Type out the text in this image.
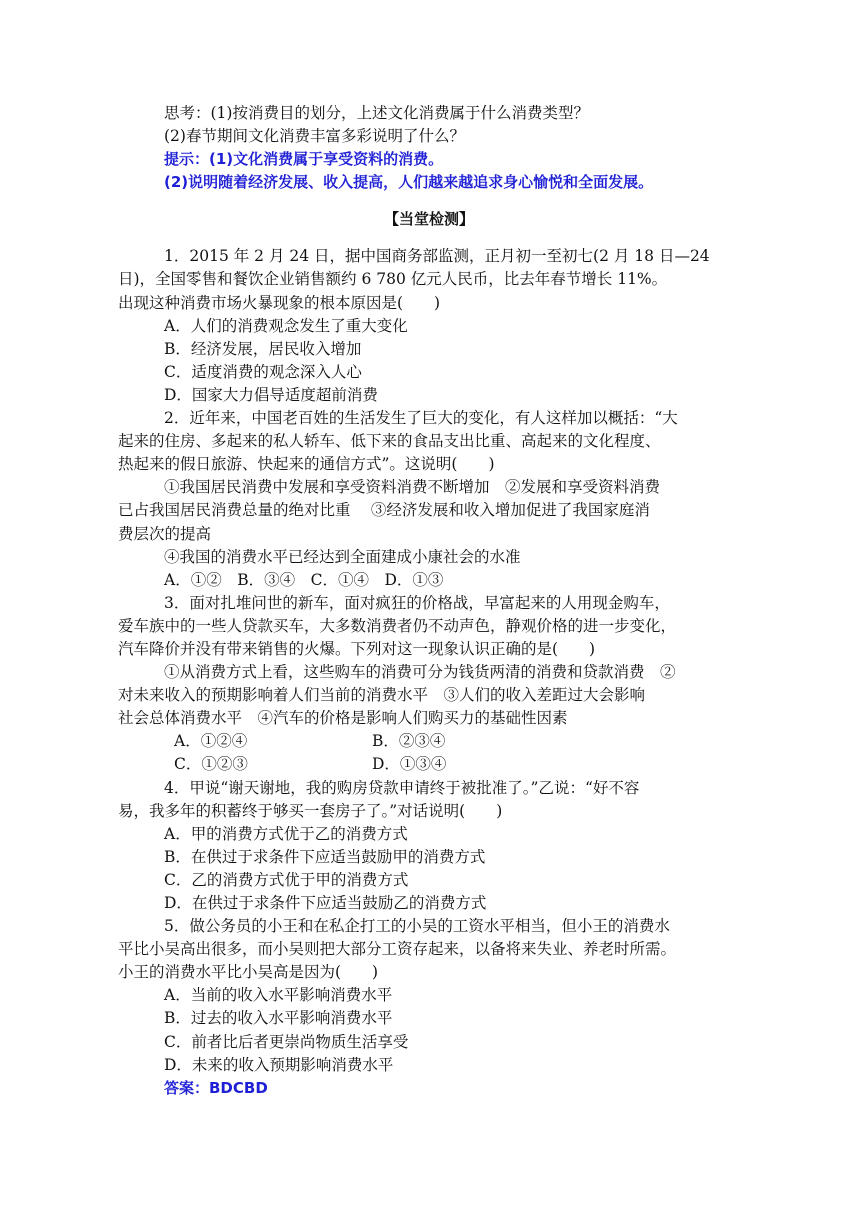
思考：(1)按消费目的划分，上述文化消费属于什么消费类型？
(2)春节期间文化消费丰富多彩说明了什么？
提示：(1)文化消费属于享受资料的消费。
(2)说明随着经济发展、收入提高，人们越来越追求身心愉悦和全面发展。
【当堂检测】
1．2015 年 2 月 24 日，据中国商务部监测，正月初一至初七(2 月 18 日—24
日)，全国零售和餐饮企业销售额约 6 780 亿元人民币，比去年春节增长 11%。
出现这种消费市场火暴现象的根本原因是(　　)
A．人们的消费观念发生了重大变化
B．经济发展，居民收入增加
C．适度消费的观念深入人心
D．国家大力倡导适度超前消费
2．近年来，中国老百姓的生活发生了巨大的变化，有人这样加以概括：“大
起来的住房、多起来的私人轿车、低下来的食品支出比重、高起来的文化程度、
热起来的假日旅游、快起来的通信方式”。这说明(　　)
①我国居民消费中发展和享受资料消费不断增加　②发展和享受资料消费
已占我国居民消费总量的绝对比重　 ③经济发展和收入增加促进了我国家庭消
费层次的提高
④我国的消费水平已经达到全面建成小康社会的水准
A．①②　B．③④　C．①④　D．①③
3．面对扎堆问世的新车，面对疯狂的价格战，早富起来的人用现金购车，
爱车族中的一些人贷款买车，大多数消费者仍不动声色，静观价格的进一步变化，
汽车降价并没有带来销售的火爆。下列对这一现象认识正确的是(　　)
①从消费方式上看，这些购车的消费可分为钱货两清的消费和贷款消费　②
对未来收入的预期影响着人们当前的消费水平　③人们的收入差距过大会影响
社会总体消费水平　④汽车的价格是影响人们购买力的基础性因素
A．①②④	B．②③④
C．①②③	D．①③④
4．甲说“谢天谢地，我的购房贷款申请终于被批准了。”乙说：“好不容
易，我多年的积蓄终于够买一套房子了。”对话说明(　　)
A．甲的消费方式优于乙的消费方式
B．在供过于求条件下应适当鼓励甲的消费方式
C．乙的消费方式优于甲的消费方式
D．在供过于求条件下应适当鼓励乙的消费方式
5．做公务员的小王和在私企打工的小吴的工资水平相当，但小王的消费水
平比小吴高出很多，而小吴则把大部分工资存起来，以备将来失业、养老时所需。
小王的消费水平比小吴高是因为(　　)
A．当前的收入水平影响消费水平
B．过去的收入水平影响消费水平
C．前者比后者更崇尚物质生活享受
D．未来的收入预期影响消费水平
答案：BDCBD
